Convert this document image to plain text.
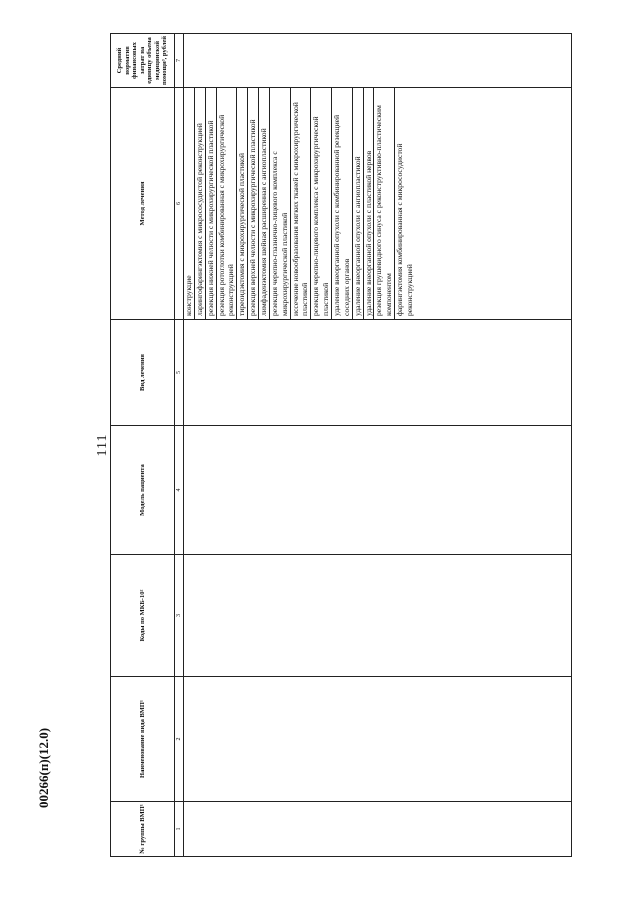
111
00266(п)(12.0)
№ группы ВМП¹
Наименование вида ВМП¹
Коды по МКБ-10²
Модель пациента
Вид лечения
Метод лечения
Средний норматив финансовых затрат на единицу объема медицинской помощи³, рублей
1
2
3
4
5
6
7
конструкцие ларингофарингэктомия с микрососудистой реконструкцией резекция нижней челюсти с микрохирургической пластикой резекция ротоглотки комбинированная с микрохирургической реконструкцией тиреоидэктомия с микрохирургической пластикой резекция верхней челюсти с микрохирургической пластикой лимфаденэктомия шейная расширенная с ангиопластикой резекция черепно-глазнично-лицевого комплекса с микрохирургической пластикой иссечение новообразования мягких тканей с микрохирургической пластикой резекция черепно-лицевого комплекса с микрохирургической пластикой удаление внеорганной опухоли с комбинированной резекцией соседних органов удаление внеорганной опухоли с ангиопластикой удаление внеорганной опухоли с пластикой нервов резекция грушевидного синуса с реконструктивно-пластическим компонентом фарингэктомия комбинированная с микрососудистой реконструкцией
